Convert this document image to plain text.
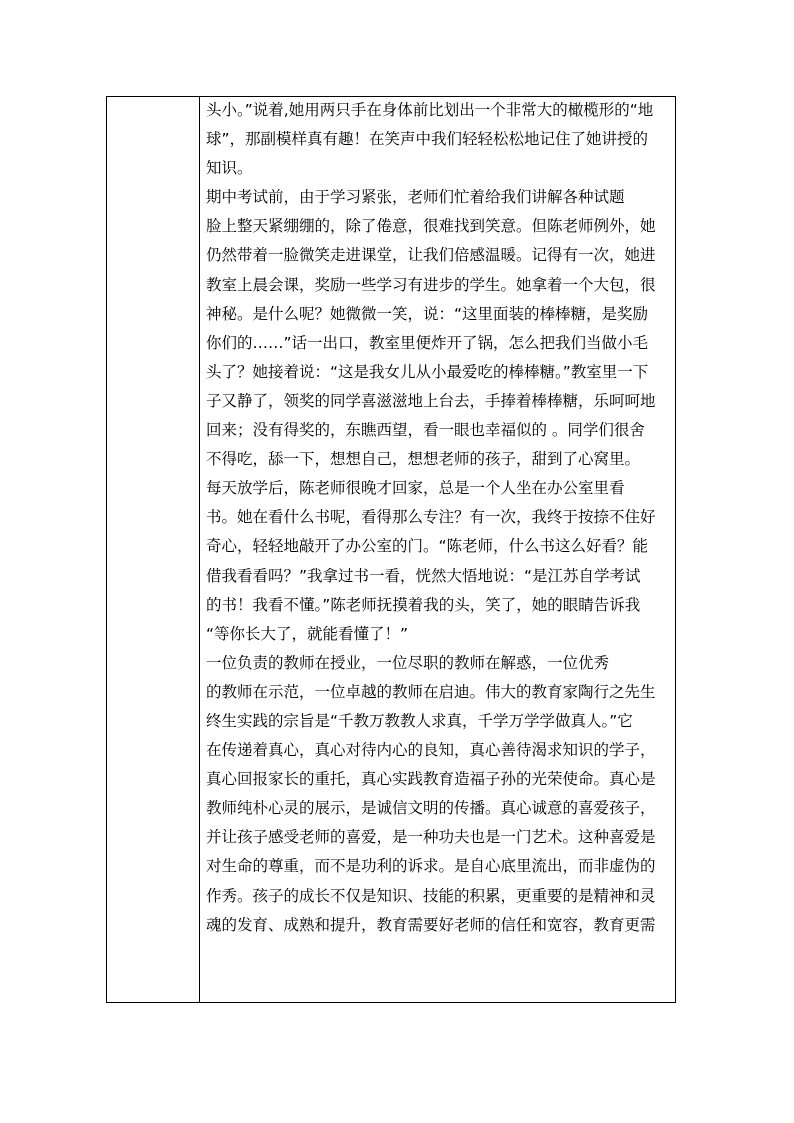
头小。”说着,她用两只手在身体前比划出一个非常大的橄榄形的“地
球”，那副模样真有趣！在笑声中我们轻轻松松地记住了她讲授的
知识。
期中考试前，由于学习紧张，老师们忙着给我们讲解各种试题
脸上整天紧绷绷的，除了倦意，很难找到笑意。但陈老师例外，她
仍然带着一脸微笑走进课堂，让我们倍感温暖。记得有一次，她进
教室上晨会课，奖励一些学习有进步的学生。她拿着一个大包，很
神秘。是什么呢？她微微一笑，说：“这里面装的棒棒糖，是奖励
你们的……”话一出口，教室里便炸开了锅，怎么把我们当做小毛
头了？她接着说：“这是我女儿从小最爱吃的棒棒糖。”教室里一下
子又静了，领奖的同学喜滋滋地上台去，手捧着棒棒糖，乐呵呵地
回来；没有得奖的，东瞧西望，看一眼也幸福似的 。同学们很舍
不得吃，舔一下，想想自己，想想老师的孩子，甜到了心窝里。
每天放学后，陈老师很晚才回家，总是一个人坐在办公室里看
书。她在看什么书呢，看得那么专注？有一次，我终于按捺不住好
奇心，轻轻地敲开了办公室的门。“陈老师，什么书这么好看？能
借我看看吗？”我拿过书一看，恍然大悟地说：“是江苏自学考试
的书！我看不懂。”陈老师抚摸着我的头，笑了，她的眼睛告诉我
“等你长大了，就能看懂了！”
一位负责的教师在授业，一位尽职的教师在解惑，一位优秀
的教师在示范，一位卓越的教师在启迪。伟大的教育家陶行之先生
终生实践的宗旨是“千教万教教人求真，千学万学学做真人。”它
在传递着真心，真心对待内心的良知，真心善待渴求知识的学子，
真心回报家长的重托，真心实践教育造福子孙的光荣使命。真心是
教师纯朴心灵的展示，是诚信文明的传播。真心诚意的喜爱孩子，
并让孩子感受老师的喜爱，是一种功夫也是一门艺术。这种喜爱是
对生命的尊重，而不是功利的诉求。是自心底里流出，而非虚伪的
作秀。孩子的成长不仅是知识、技能的积累，更重要的是精神和灵
魂的发育、成熟和提升，教育需要好老师的信任和宽容，教育更需
